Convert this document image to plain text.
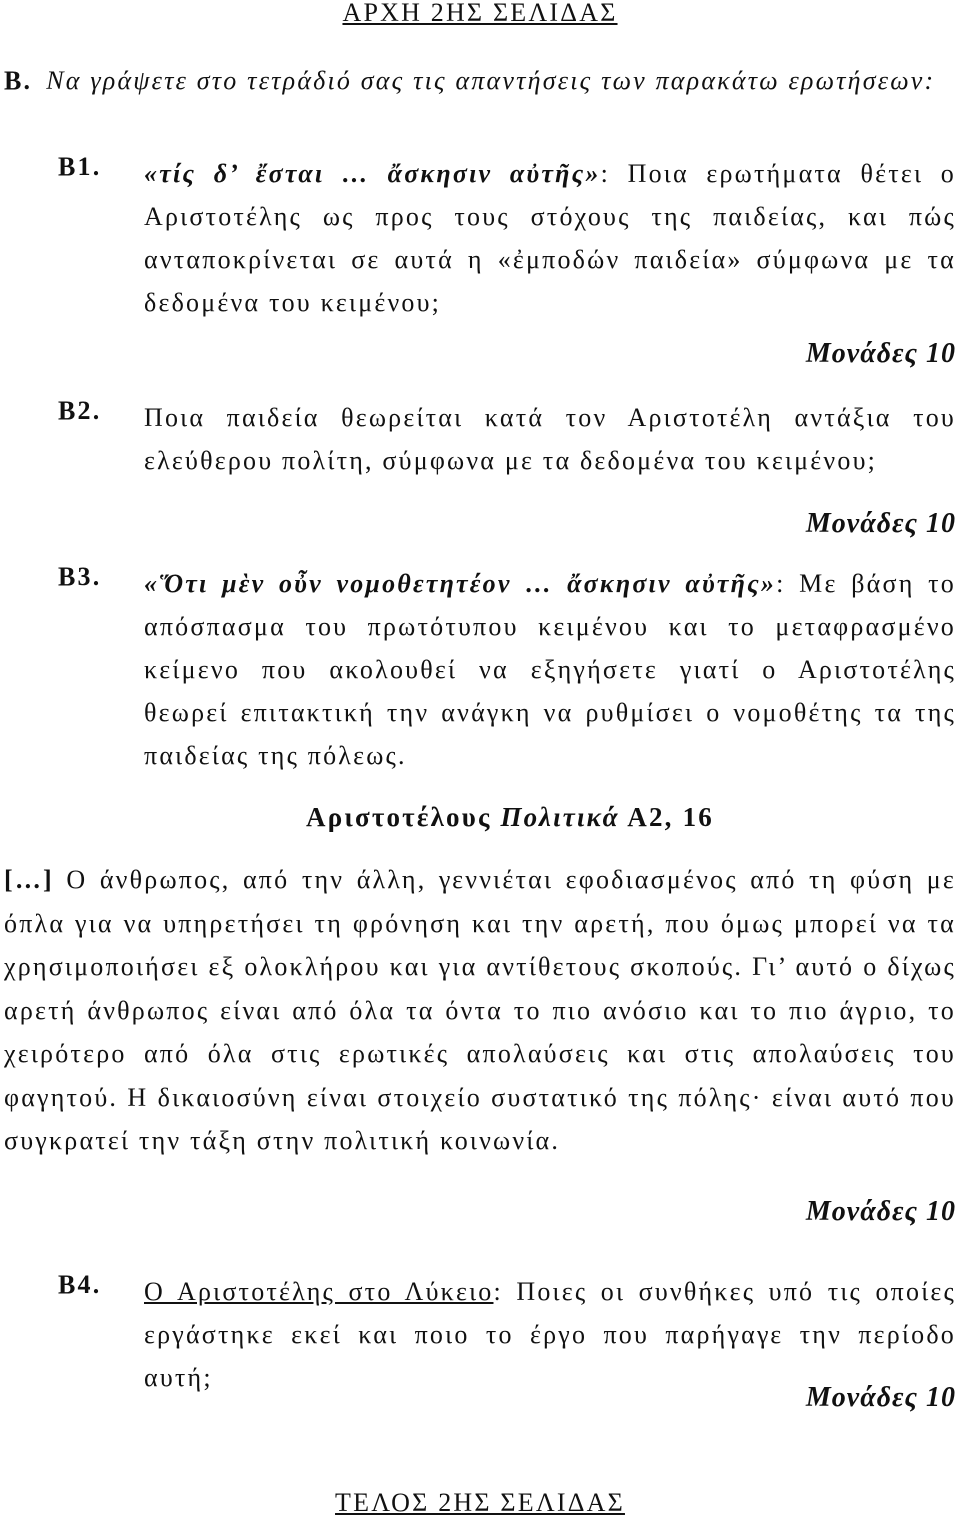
ΑΡΧΗ 2ΗΣ ΣΕΛΙΔΑΣ
Β. Να γράψετε στο τετράδιό σας τις απαντήσεις των παρακάτω ερωτήσεων:
Β1. «τίς δ’ ἔσται … ἄσκησιν αὐτῆς»: Ποια ερωτήματα θέτει ο Αριστοτέλης ως προς τους στόχους της παιδείας, και πώς ανταποκρίνεται σε αυτά η «ἐμποδών παιδεία» σύμφωνα με τα δεδομένα του κειμένου;
Μονάδες 10
Β2. Ποια παιδεία θεωρείται κατά τον Αριστοτέλη αντάξια του ελεύθερου πολίτη, σύμφωνα με τα δεδομένα του κειμένου;
Μονάδες 10
Β3. «Ὅτι μὲν οὖν νομοθετητέον … ἄσκησιν αὐτῆς»: Με βάση το απόσπασμα του πρωτότυπου κειμένου και το μεταφρασμένο κείμενο που ακολουθεί να εξηγήσετε γιατί ο Αριστοτέλης θεωρεί επιτακτική την ανάγκη να ρυθμίσει ο νομοθέτης τα της παιδείας της πόλεως.
Αριστοτέλους Πολιτικά Α2, 16
[…] Ο άνθρωπος, από την άλλη, γεννιέται εφοδιασμένος από τη φύση με όπλα για να υπηρετήσει τη φρόνηση και την αρετή, που όμως μπορεί να τα χρησιμοποιήσει εξ ολοκλήρου και για αντίθετους σκοπούς. Γι’ αυτό ο δίχως αρετή άνθρωπος είναι από όλα τα όντα το πιο ανόσιο και το πιο άγριο, το χειρότερο από όλα στις ερωτικές απολαύσεις και στις απολαύσεις του φαγητού. Η δικαιοσύνη είναι στοιχείο συστατικό της πόλης· είναι αυτό που συγκρατεί την τάξη στην πολιτική κοινωνία.
Μονάδες 10
Β4. Ο Αριστοτέλης στο Λύκειο: Ποιες οι συνθήκες υπό τις οποίες εργάστηκε εκεί και ποιο το έργο που παρήγαγε την περίοδο αυτή;
Μονάδες 10
ΤΕΛΟΣ 2ΗΣ ΣΕΛΙΔΑΣ
